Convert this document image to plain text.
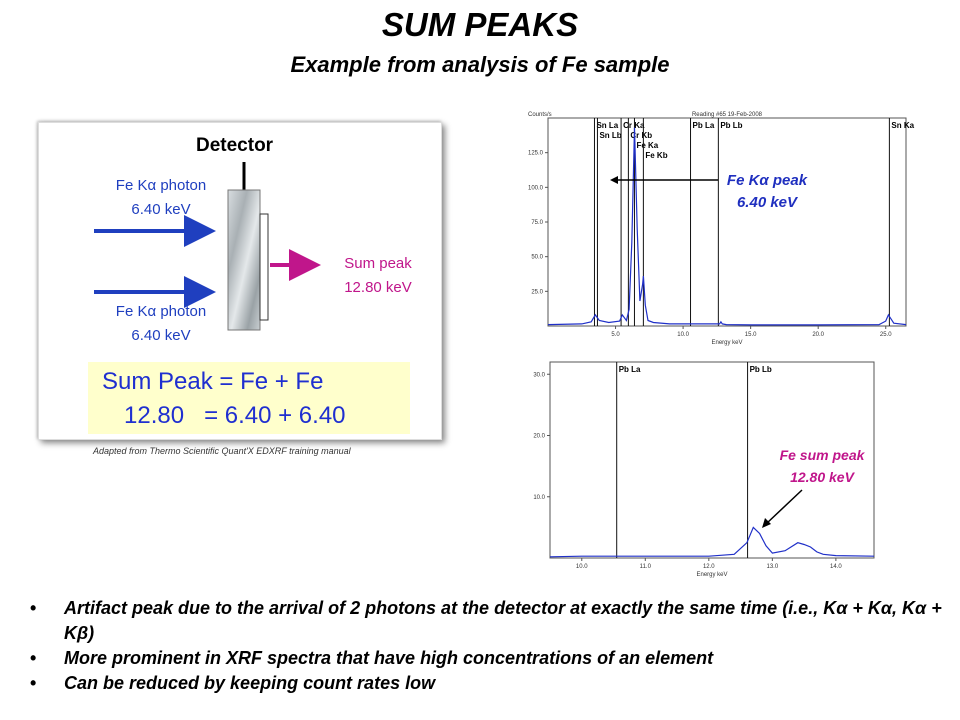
SUM PEAKS
Example from analysis of Fe sample
Detector
Fe Kα photon
6.40 keV
Fe Kα photon
6.40 keV
Sum peak
12.80 keV
Sum Peak = Fe + Fe
12.80   = 6.40 + 6.40
Adapted from Thermo Scientific Quant'X EDXRF training manual
Reading #65 19-Feb-2008
Counts/s
Sn La
Sn Lb
Cr Ka
Cr Kb
Fe Ka
Fe Kb
Pb La Pb Lb	Sn Ka
25.0
50.0
75.0
100.0
125.0
5.0	10.0	15.0	20.0	25.0
Energy keV
Pb La	Pb Lb
10.0
20.0
30.0
10.0	11.0	12.0	13.0	14.0
Energy keV
Fe Kα peak
6.40 keV
Fe sum peak
12.80 keV
• Artifact peak due to the arrival of 2 photons at the detector at exactly the same time (i.e., Kα + Kα, Kα + Kβ)
• More prominent in XRF spectra that have high concentrations of an element
• Can be reduced by keeping count rates low
